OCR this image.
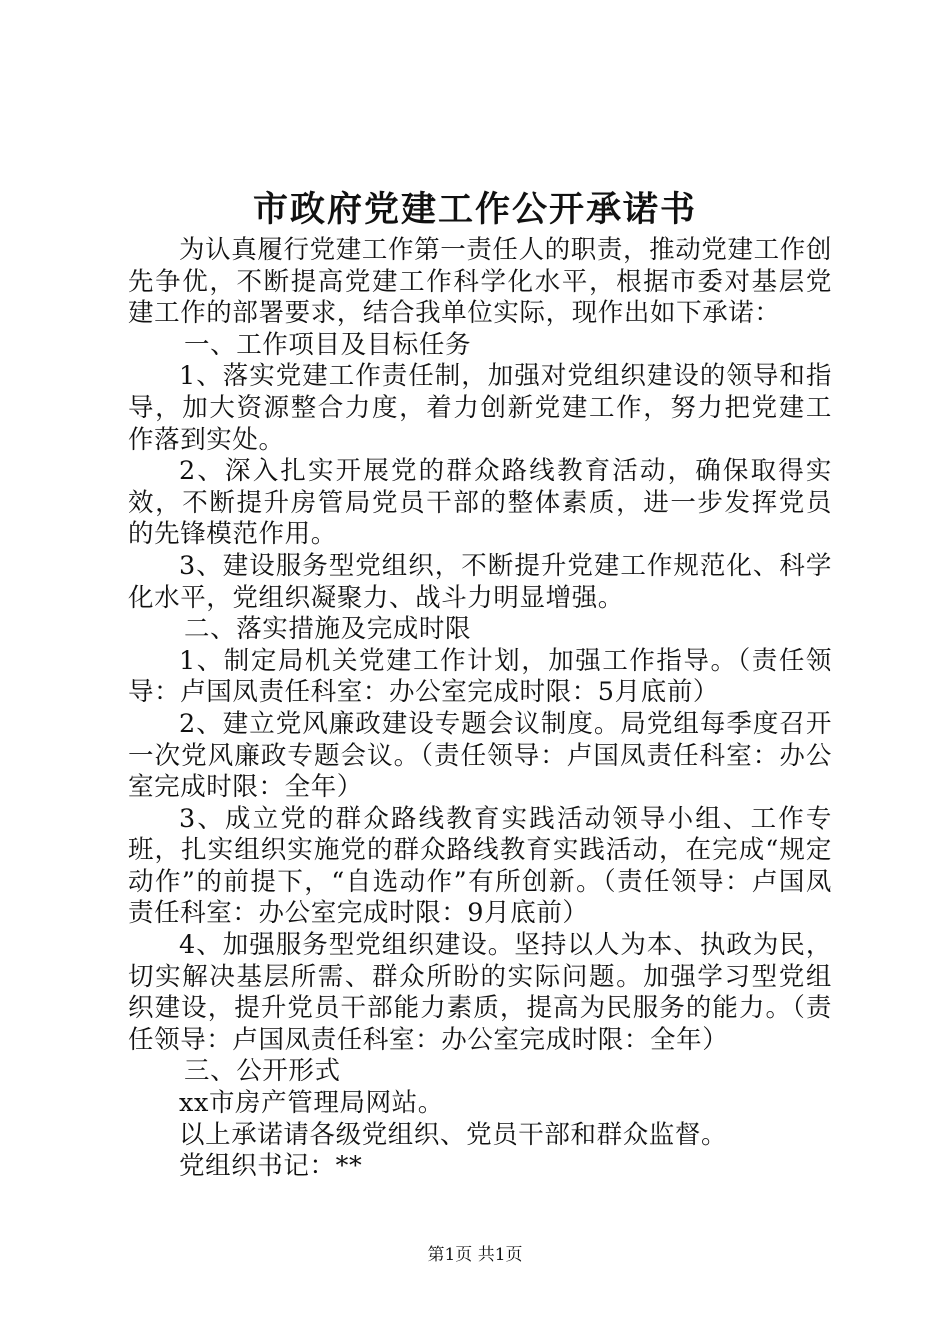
市政府党建工作公开承诺书

为认真履行党建工作第一责任人的职责，推动党建工作创先争优，不断提高党建工作科学化水平，根据市委对基层党建工作的部署要求，结合我单位实际，现作出如下承诺：

一、工作项目及目标任务

1、落实党建工作责任制，加强对党组织建设的领导和指导，加大资源整合力度，着力创新党建工作，努力把党建工作落到实处。

2、深入扎实开展党的群众路线教育活动，确保取得实效，不断提升房管局党员干部的整体素质，进一步发挥党员的先锋模范作用。

3、建设服务型党组织，不断提升党建工作规范化、科学化水平，党组织凝聚力、战斗力明显增强。

二、落实措施及完成时限

1、制定局机关党建工作计划，加强工作指导。（责任领导：卢国凤责任科室：办公室完成时限：5月底前）

2、建立党风廉政建设专题会议制度。局党组每季度召开一次党风廉政专题会议。（责任领导：卢国凤责任科室：办公室完成时限：全年）

3、成立党的群众路线教育实践活动领导小组、工作专班，扎实组织实施党的群众路线教育实践活动，在完成“规定动作”的前提下，“自选动作”有所创新。（责任领导：卢国凤责任科室：办公室完成时限：9月底前）

4、加强服务型党组织建设。坚持以人为本、执政为民，切实解决基层所需、群众所盼的实际问题。加强学习型党组织建设，提升党员干部能力素质，提高为民服务的能力。（责任领导：卢国凤责任科室：办公室完成时限：全年）

三、公开形式

xx市房产管理局网站。

以上承诺请各级党组织、党员干部和群众监督。

党组织书记：**

第1页 共1页
